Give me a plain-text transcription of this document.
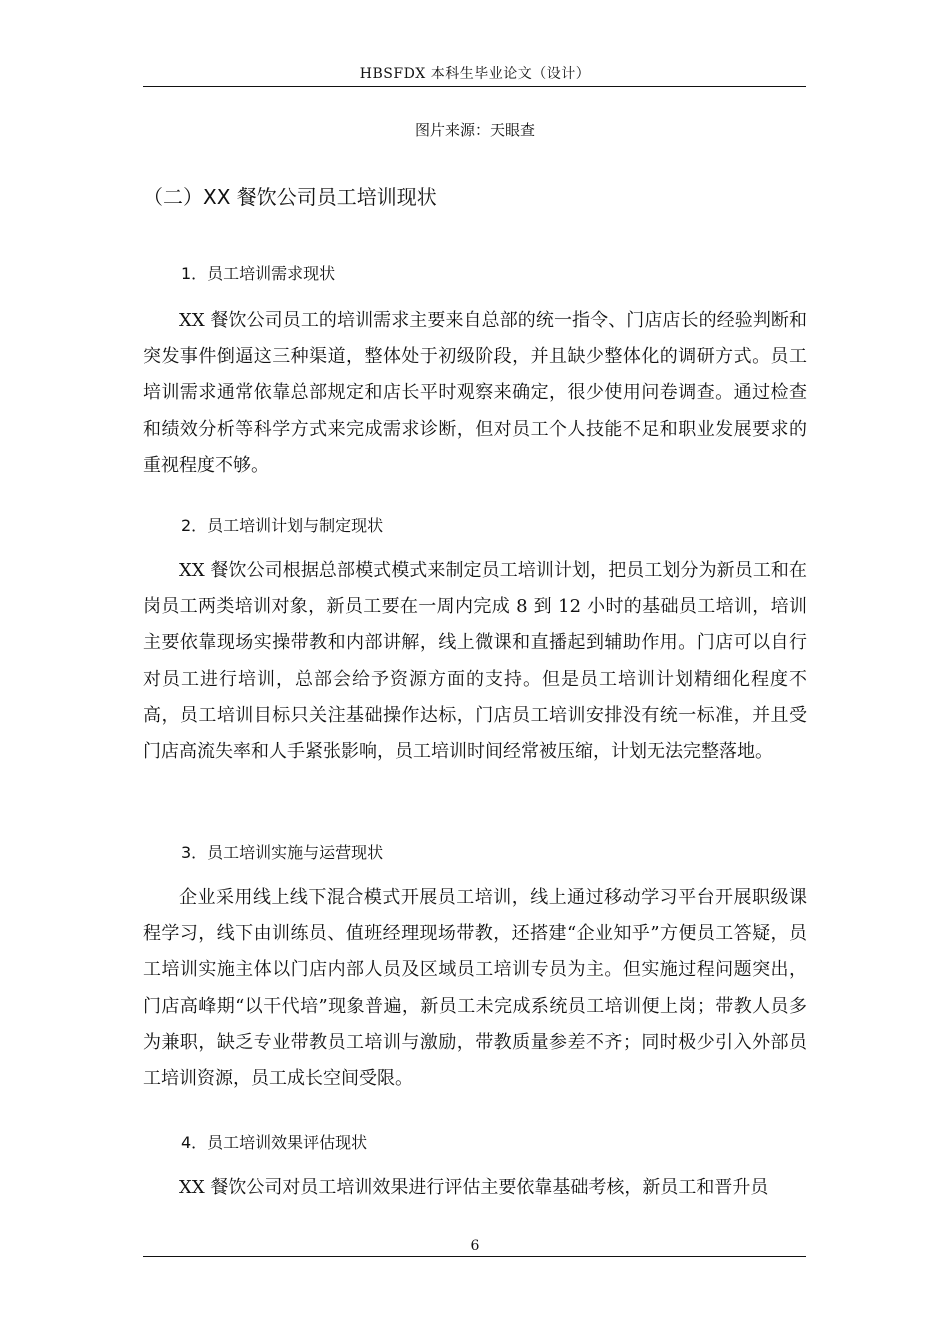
HBSFDX 本科生毕业论文（设计）
图片来源：天眼查
（二）XX 餐饮公司员工培训现状
1．员工培训需求现状

XX 餐饮公司员工的培训需求主要来自总部的统一指令、门店店长的经验判断和突发事件倒逼这三种渠道，整体处于初级阶段，并且缺少整体化的调研方式。员工培训需求通常依靠总部规定和店长平时观察来确定，很少使用问卷调查。通过检查和绩效分析等科学方式来完成需求诊断，但对员工个人技能不足和职业发展要求的重视程度不够。

2．员工培训计划与制定现状

XX 餐饮公司根据总部模式模式来制定员工培训计划，把员工划分为新员工和在岗员工两类培训对象，新员工要在一周内完成 8 到 12 小时的基础员工培训，培训主要依靠现场实操带教和内部讲解，线上微课和直播起到辅助作用。门店可以自行对员工进行培训，总部会给予资源方面的支持。但是员工培训计划精细化程度不高，员工培训目标只关注基础操作达标，门店员工培训安排没有统一标准，并且受门店高流失率和人手紧张影响，员工培训时间经常被压缩，计划无法完整落地。

3．员工培训实施与运营现状

企业采用线上线下混合模式开展员工培训，线上通过移动学习平台开展职级课程学习，线下由训练员、值班经理现场带教，还搭建“企业知乎”方便员工答疑，员工培训实施主体以门店内部人员及区域员工培训专员为主。但实施过程问题突出，门店高峰期“以干代培”现象普遍，新员工未完成系统员工培训便上岗；带教人员多为兼职，缺乏专业带教员工培训与激励，带教质量参差不齐；同时极少引入外部员工培训资源，员工成长空间受限。

4．员工培训效果评估现状

XX 餐饮公司对员工培训效果进行评估主要依靠基础考核，新员工和晋升员

6
